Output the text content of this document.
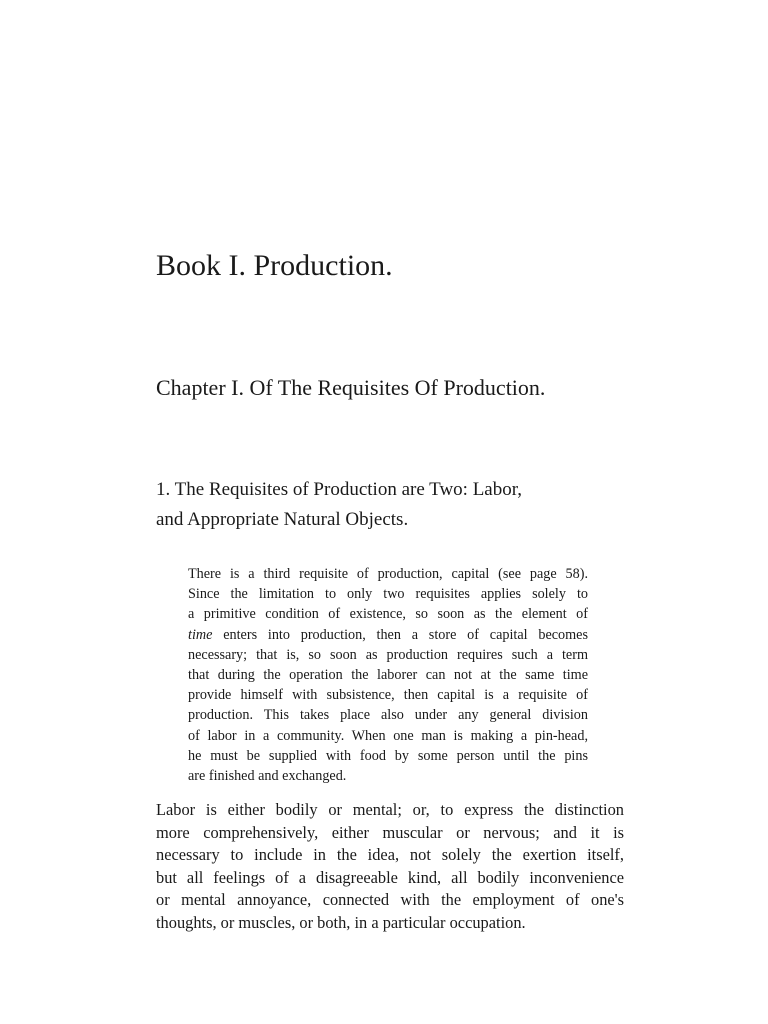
Book I. Production.
Chapter I. Of The Requisites Of Production.
1. The Requisites of Production are Two: Labor,
and Appropriate Natural Objects.
There is a third requisite of production, capital (see page 58).
Since the limitation to only two requisites applies solely to
a primitive condition of existence, so soon as the element of
time enters into production, then a store of capital becomes
necessary; that is, so soon as production requires such a term
that during the operation the laborer can not at the same time
provide himself with subsistence, then capital is a requisite of
production. This takes place also under any general division
of labor in a community. When one man is making a pin-head,
he must be supplied with food by some person until the pins
are finished and exchanged.
Labor is either bodily or mental; or, to express the distinction
more comprehensively, either muscular or nervous; and it is
necessary to include in the idea, not solely the exertion itself,
but all feelings of a disagreeable kind, all bodily inconvenience
or mental annoyance, connected with the employment of one's
thoughts, or muscles, or both, in a particular occupation.
